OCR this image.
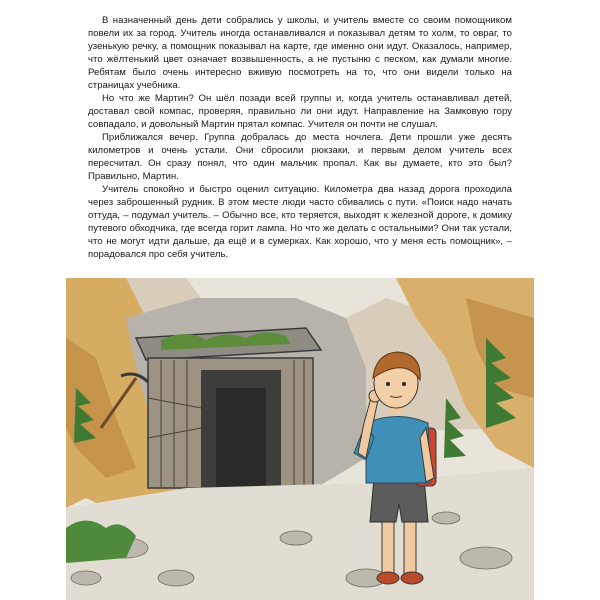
В назначенный день дети собрались у школы, и учитель вместе со своим помощником повели их за город. Учитель иногда останавливался и показывал детям то холм, то овраг, то узенькую речку, а помощник показывал на карте, где именно они идут. Оказалось, например, что жёлтенький цвет означает возвышенность, а не пустыню с песком, как думали многие. Ребятам было очень интересно вживую посмотреть на то, что они видели только на страницах учебника.

Но что же Мартин? Он шёл позади всей группы и, когда учитель останавливал детей, доставал свой компас, проверяя, правильно ли они идут. Направление на Замковую гору совпадало, и довольный Мартин прятал компас. Учителя он почти не слушал.

Приближался вечер. Группа добралась до места ночлега. Дети прошли уже десять километров и очень устали. Они сбросили рюкзаки, и первым делом учитель всех пересчитал. Он сразу понял, что один мальчик пропал. Как вы думаете, кто это был? Правильно, Мартин.

Учитель спокойно и быстро оценил ситуацию. Километра два назад дорога проходила через заброшенный рудник. В этом месте люди часто сбивались с пути. «Поиск надо начать оттуда, – подумал учитель. – Обычно все, кто теряется, выходят к железной дороге, к домику путевого обходчика, где всегда горит лампа. Но что же делать с остальными? Они так устали, что не могут идти дальше, да ещё и в сумерках. Как хорошо, что у меня есть помощник», – порадовался про себя учитель.
